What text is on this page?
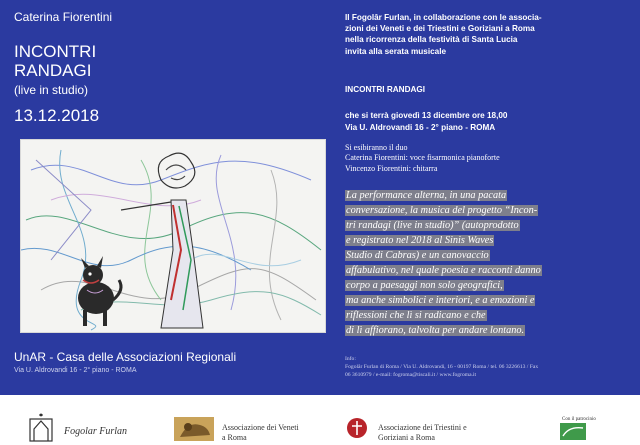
Caterina Fiorentini
INCONTRI
RANDAGI
(live in studio)
13.12.2018
UnAR - Casa delle Associazioni Regionali
Via U. Aldrovandi 16 - 2° piano - ROMA
Il Fogolâr Furlan, in collaborazione con le associa-
zioni dei Veneti e dei Triestini e Goriziani a Roma
nella ricorrenza della festività di Santa Lucia
invita alla serata musicale
INCONTRI RANDAGI
che si terrà giovedì 13 dicembre ore 18,00
Via U. Aldrovandi 16 - 2° piano - ROMA
Si esibiranno il duo
Caterina Fiorentini: voce fisarmonica pianoforte
Vincenzo Fiorentini: chitarra
La performance alterna, in una pacata
conversazione, la musica del progetto “Incon-
tri randagi (live in studio)” (autoprodotto
e registrato nel 2018 al Sinis Waves
Studio di Cabras) e un canovaccio
affabulativo, nel quale poesia e racconti danno
corpo a paesaggi non solo geografici,
ma anche simbolici e interiori, e a emozioni e
riflessioni che lì si radicano e che
di lì affiorano, talvolta per andare lontano.
Info:
Fogolâr Furlan di Roma / Via U. Aldrovandi, 16 - 00197 Roma / tel. 06 3226613 / Fax
06 3610979 / e-mail: fogroma@tiscali.it / www.fogroma.it
Fogolar Furlan	Associazione dei Veneti
a Roma
Associazione dei Triestini e
Goriziani a Roma
Con il patrocinio
